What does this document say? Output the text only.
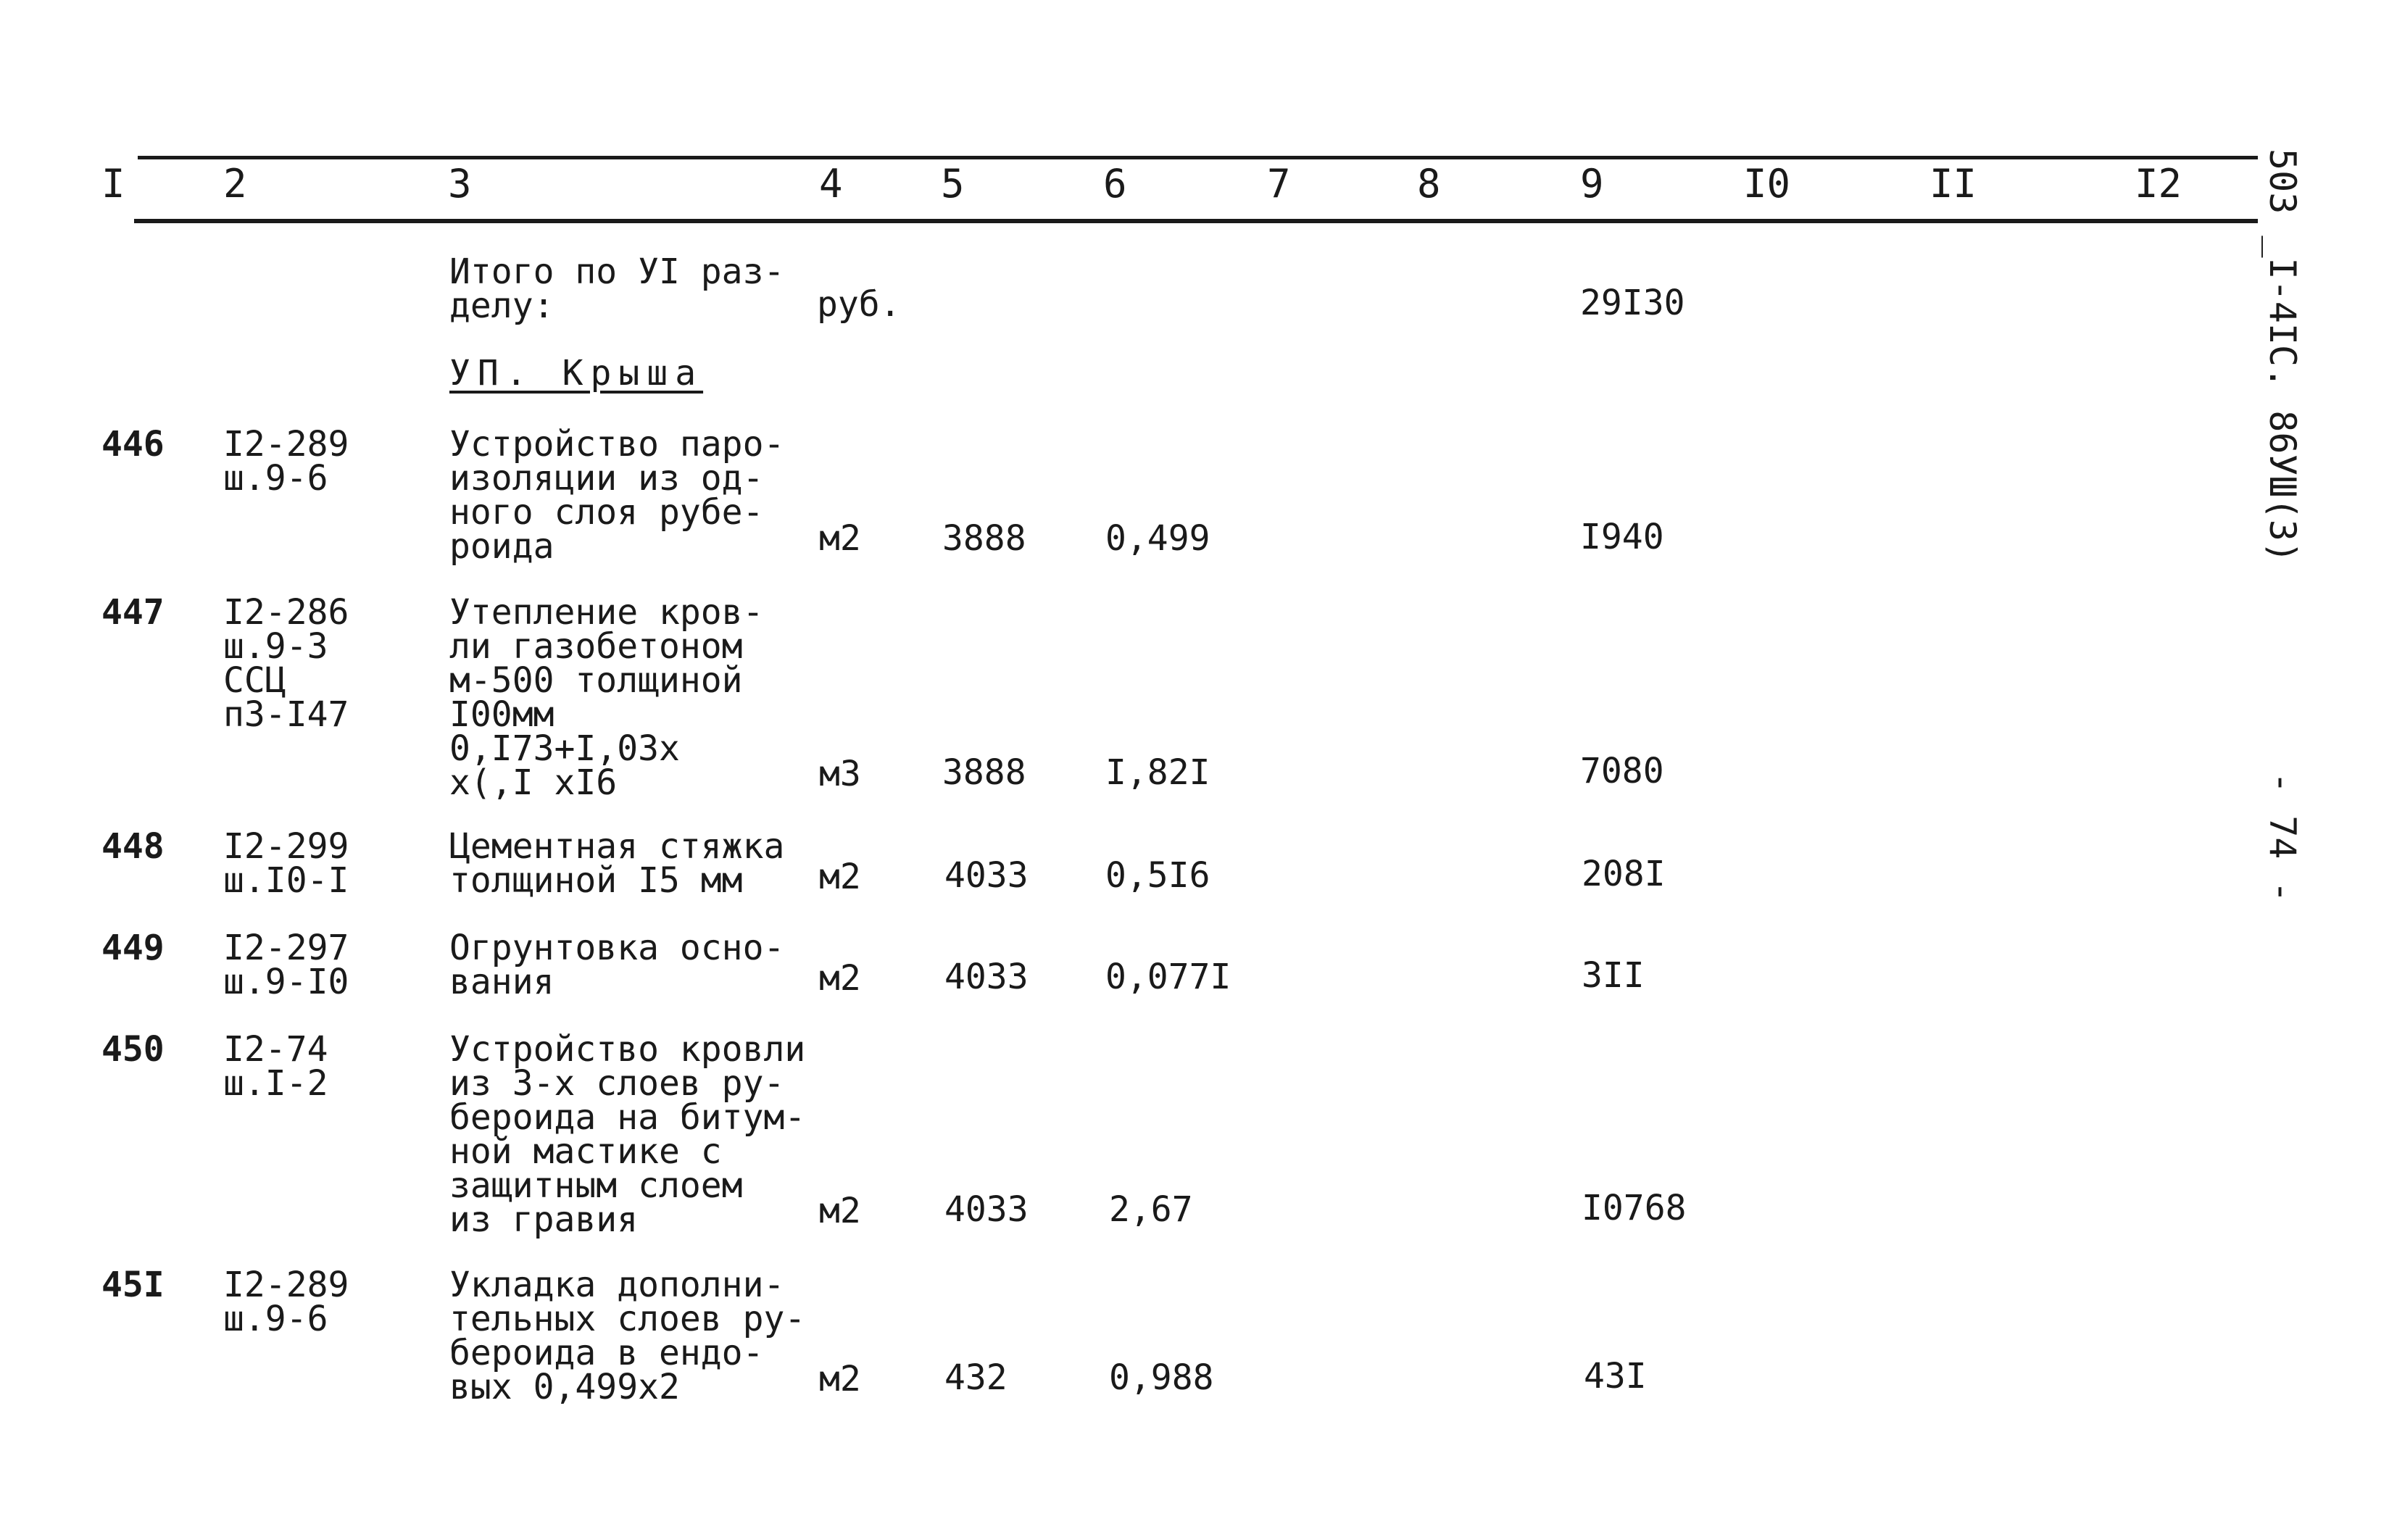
I	2	3	4	5	6	7	8	9	I0	II	I2 503 _I-4IС. 86УШ(3)
- 74 -
Итого по УI раз-
делу:	руб.	29I30
УП. Крыша
446 I2-289
ш.9-6
Устройство паро-
изоляции из од-
ного слоя рубе-
роида	м2 3888 0,499	I940
447 I2-286
ш.9-3
ССЦ
п3-I47
Утепление кров-
ли газобетоном
м-500 толщиной
I00мм
0,I73+I,03x
x(,I xI6	м3 3888 I,82I	7080
448 I2-299
ш.I0-I
Цементная стяжка
толщиной I5 мм	м2 4033 0,5I6	208I
449 I2-297
ш.9-I0
Огрунтовка осно-
вания	м2 4033 0,077I	3II
450 I2-74
ш.I-2
Устройство кровли
из 3-х слоев ру-
бероида на битум-
ной мастике с
защитным слоем
из гравия	м2 4033 2,67	I0768
45I I2-289
ш.9-6
Укладка дополни-
тельных слоев ру-
бероида в ендо-
вых 0,499х2	м2 432	0,988	43I
